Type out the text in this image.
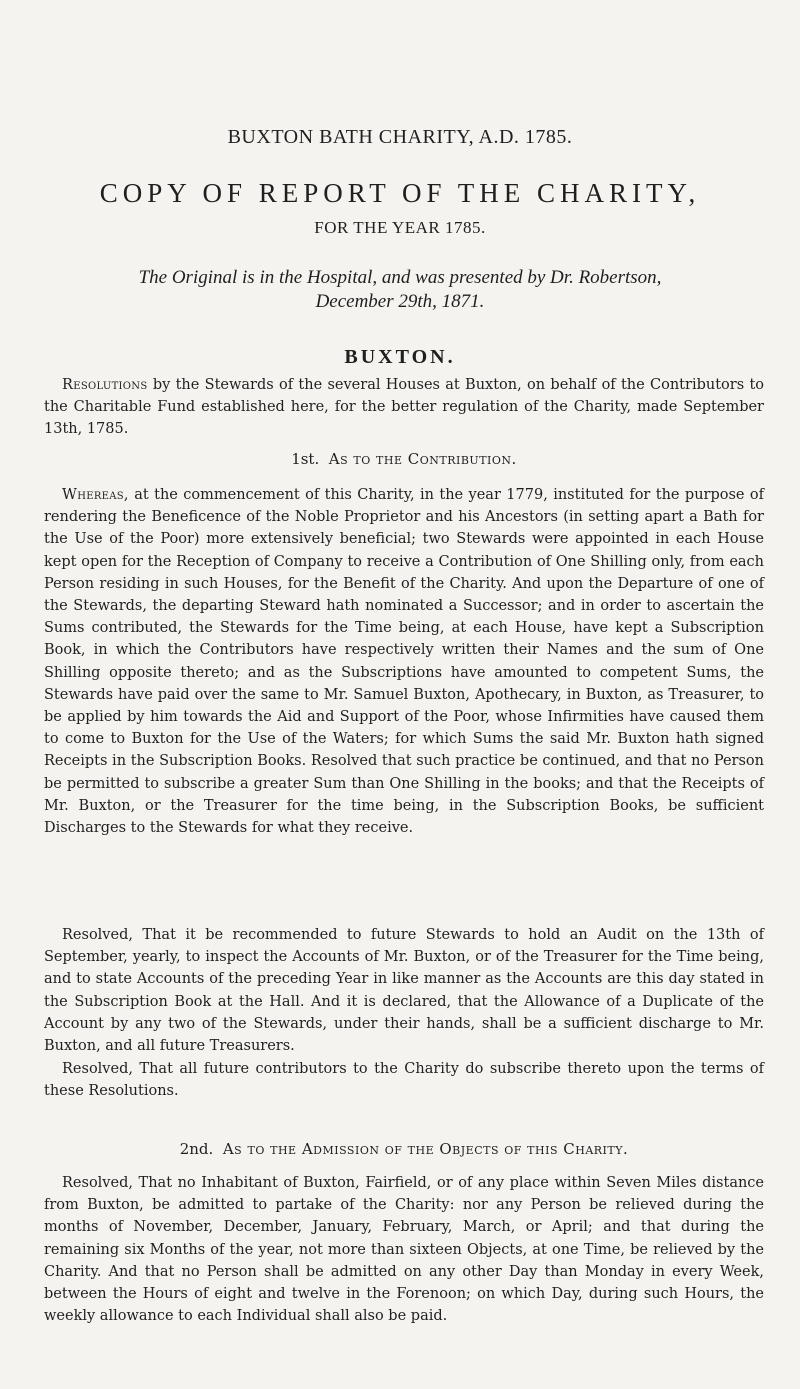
BUXTON BATH CHARITY, A.D. 1785.
COPY OF REPORT OF THE CHARITY,
FOR THE YEAR 1785.
The Original is in the Hospital, and was presented by Dr. Robertson,
December 29th, 1871.
BUXTON.

Resolutions by the Stewards of the several Houses at Buxton, on behalf of the Contributors to the Charitable Fund established here, for the better regulation of the Charity, made September 13th, 1785.

1st. As to the Contribution.

Whereas, at the commencement of this Charity, in the year 1779, instituted for the purpose of rendering the Beneficence of the Noble Proprietor and his Ancestors (in setting apart a Bath for the Use of the Poor) more extensively beneficial; two Stewards were appointed in each House kept open for the Reception of Company to receive a Contribution of One Shilling only, from each Person residing in such Houses, for the Benefit of the Charity. And upon the Departure of one of the Stewards, the departing Steward hath nominated a Successor; and in order to ascertain the Sums contributed, the Stewards for the Time being, at each House, have kept a Subscription Book, in which the Contributors have respectively written their Names and the sum of One Shilling opposite thereto; and as the Subscriptions have amounted to competent Sums, the Stewards have paid over the same to Mr. Samuel Buxton, Apothecary, in Buxton, as Treasurer, to be applied by him towards the Aid and Support of the Poor, whose Infirmities have caused them to come to Buxton for the Use of the Waters; for which Sums the said Mr. Buxton hath signed Receipts in the Subscription Books. Resolved that such practice be continued, and that no Person be permitted to subscribe a greater Sum than One Shilling in the books; and that the Receipts of Mr. Buxton, or the Treasurer for the time being, in the Subscription Books, be sufficient Discharges to the Stewards for what they receive.

Resolved, That it be recommended to future Stewards to hold an Audit on the 13th of September, yearly, to inspect the Accounts of Mr. Buxton, or of the Treasurer for the Time being, and to state Accounts of the preceding Year in like manner as the Accounts are this day stated in the Subscription Book at the Hall. And it is declared, that the Allowance of a Duplicate of the Account by any two of the Stewards, under their hands, shall be a sufficient discharge to Mr. Buxton, and all future Treasurers.

Resolved, That all future contributors to the Charity do subscribe thereto upon the terms of these Resolutions.

2nd. As to the Admission of the Objects of this Charity.

Resolved, That no Inhabitant of Buxton, Fairfield, or of any place within Seven Miles distance from Buxton, be admitted to partake of the Charity: nor any Person be relieved during the months of November, December, January, February, March, or April; and that during the remaining six Months of the year, not more than sixteen Objects, at one Time, be relieved by the Charity. And that no Person shall be admitted on any other Day than Monday in every Week, between the Hours of eight and twelve in the Forenoon; on which Day, during such Hours, the weekly allowance to each Individual shall also be paid.
